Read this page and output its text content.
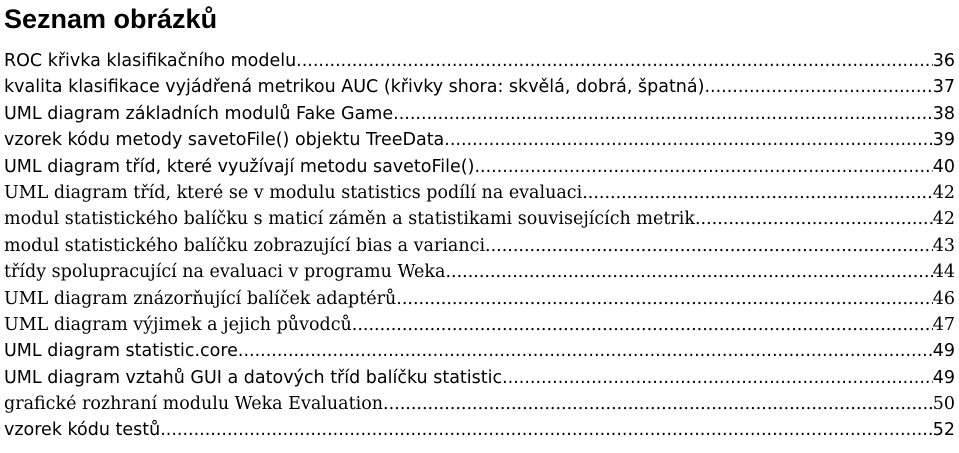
Seznam obrázků
ROC křivka klasifikačního modelu .....	36
kvalita klasifikace vyjádřená metrikou AUC (křivky shora: skvělá, dobrá, špatná) .....	37
UML diagram základních modulů Fake Game .....	38
vzorek kódu metody savetoFile() objektu TreeData .....	39
UML diagram tříd, které využívají metodu savetoFile() .....	40
UML diagram tříd, které se v modulu statistics podílí na evaluaci .....	42
modul statistického balíčku s maticí záměn a statistikami souvisejících metrik .....	42
modul statistického balíčku zobrazující bias a varianci .....	43
třídy spolupracující na evaluaci v programu Weka .....	44
UML diagram znázorňující balíček adaptérů .....	46
UML diagram výjimek a jejich původců .....	47
UML diagram statistic.core .....	49
UML diagram vztahů GUI a datových tříd balíčku statistic .....	49
grafické rozhraní modulu Weka Evaluation .....	50
vzorek kódu testů .....	52
